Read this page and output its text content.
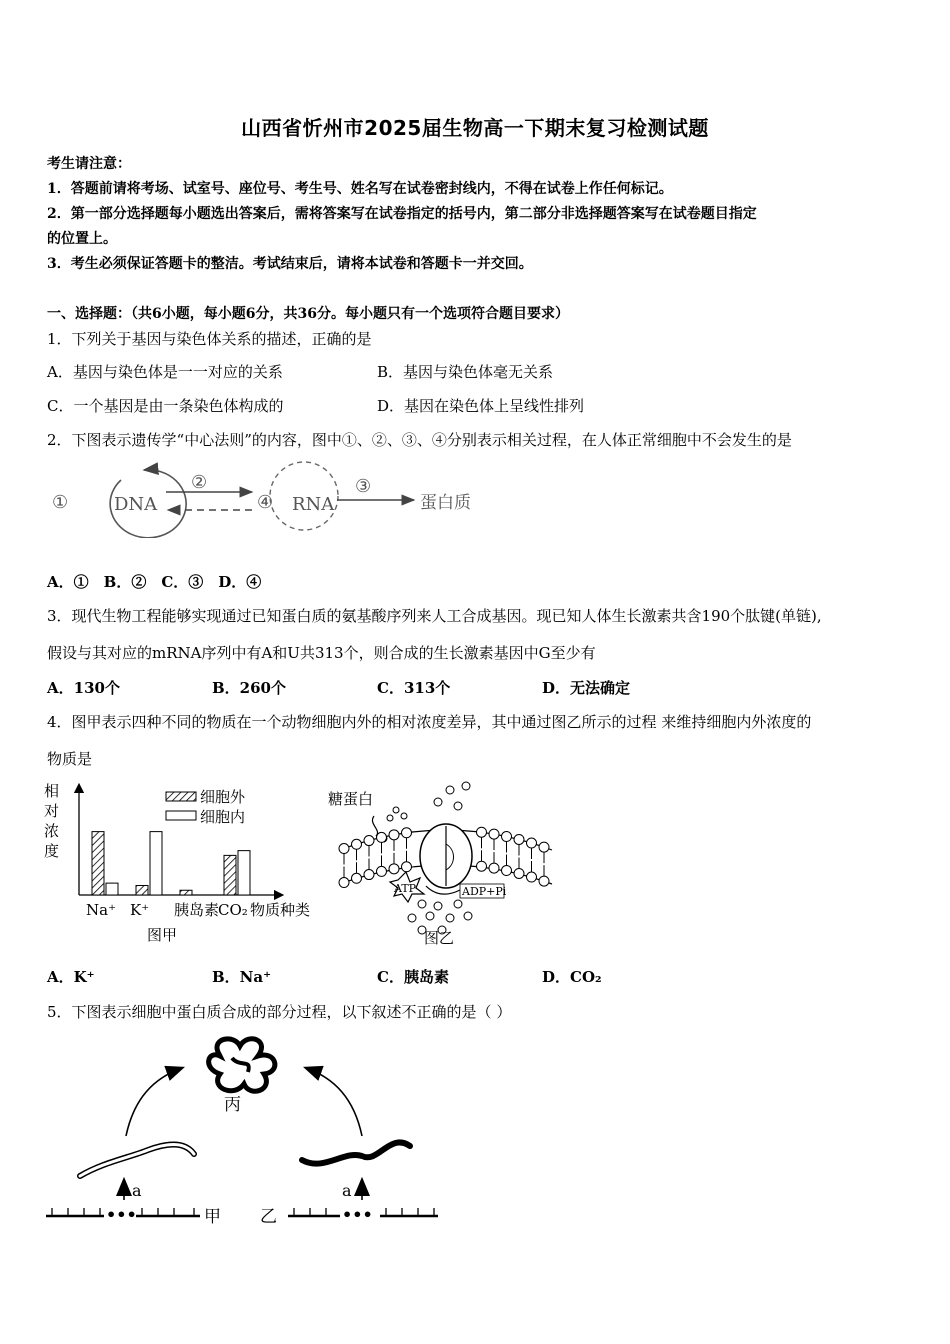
山西省忻州市2025届生物高一下期末复习检测试题
考生请注意：
1．答题前请将考场、试室号、座位号、考生号、姓名写在试卷密封线内，不得在试卷上作任何标记。
2．第一部分选择题每小题选出答案后，需将答案写在试卷指定的括号内，第二部分非选择题答案写在试卷题目指定
的位置上。
3．考生必须保证答题卡的整洁。考试结束后，请将本试卷和答题卡一并交回。
一、选择题：（共6小题，每小题6分，共36分。每小题只有一个选项符合题目要求）
1．下列关于基因与染色体关系的描述，正确的是
A．基因与染色体是一一对应的关系	B．基因与染色体毫无关系
C．一个基因是由一条染色体构成的	D．基因在染色体上呈线性排列
2．下图表示遗传学“中心法则”的内容，图中①、②、③、④分别表示相关过程，在人体正常细胞中不会发生的是
①	DNA
②
④ RNA
③
蛋白质
A．①　B．②　C．③　D．④
3．现代生物工程能够实现通过已知蛋白质的氨基酸序列来人工合成基因。现已知人体生长激素共含190个肽键(单链),
假设与其对应的mRNA序列中有A和U共313个，则合成的生长激素基因中G至少有
A．130个	B．260个	C．313个	D．无法确定
4．图甲表示四种不同的物质在一个动物细胞内外的相对浓度差异，其中通过图乙所示的过程 来维持细胞内外浓度的
物质是
相
对
浓
度
细胞外
细胞内
Na⁺ K⁺ 胰岛素
CO₂ 物质种类
图甲
糖蛋白
ATP	ADP+Pi
图乙
A．K⁺	B．Na⁺	C．胰岛素	D．CO₂
5．下图表示细胞中蛋白质合成的部分过程，以下叙述不正确的是（ ）
丙
a	a
•••	•••
甲 乙
